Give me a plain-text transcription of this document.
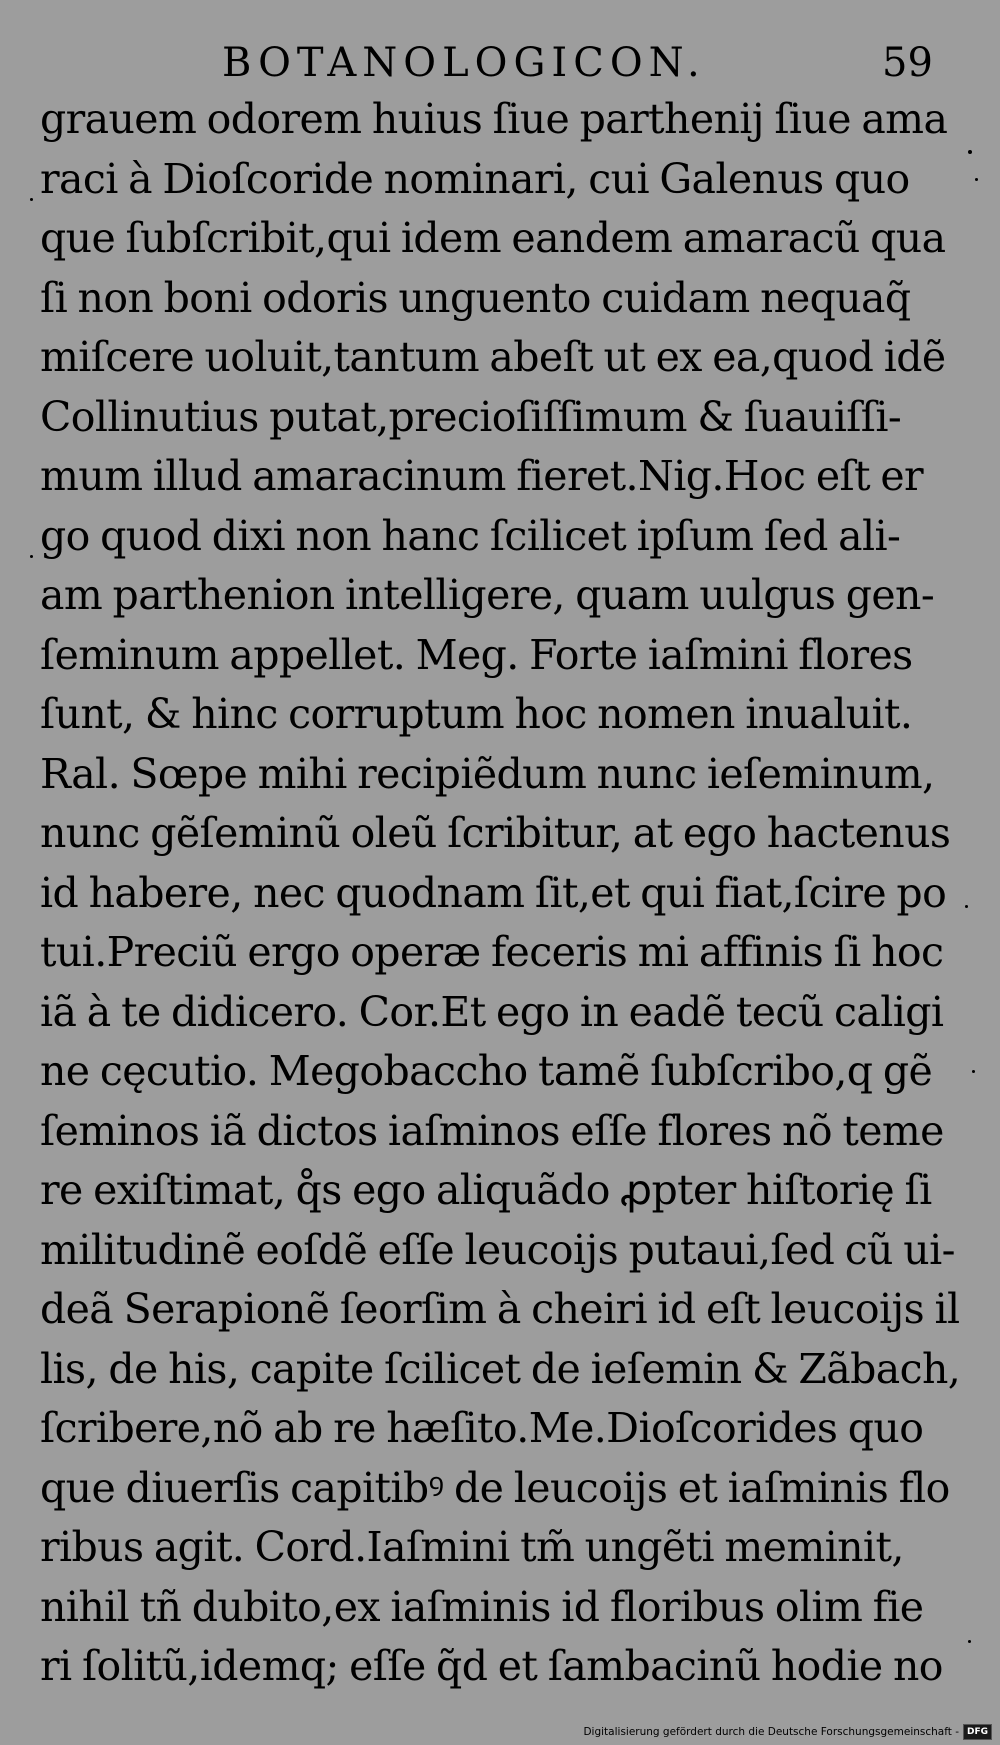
BOTANOLOGICON.	59
grauem odorem huius ſiue parthenij ſiue ama
raci à Dioſcoride nominari, cui Galenus quo
que ſubſcribit,qui idem eandem amaracũ qua
ſi non boni odoris unguento cuidam nequaq̃
miſcere uoluit,tantum abeſt ut ex ea,quod idẽ
Collinutius putat,precioſiſſimum & ſuauiſſi-
mum illud amaracinum fieret.Nig.Hoc eſt er
go quod dixi non hanc ſcilicet ipſum ſed ali-
am parthenion intelligere, quam uulgus gen-
ſeminum appellet. Meg. Forte iaſmini flores
ſunt, & hinc corruptum hoc nomen inualuit.
Ral. Sœpe mihi recipiẽdum nunc ieſeminum,
nunc gẽſeminũ oleũ ſcribitur, at ego hactenus
id habere, nec quodnam ſit,et qui fiat,ſcire po
tui.Preciũ ergo operæ feceris mi affinis ſi hoc
iã à te didicero. Cor.Et ego in eadẽ tecũ caligi
ne cęcutio. Megobaccho tamẽ ſubſcribo,q gẽ
ſeminos iã dictos iaſminos eſſe flores nõ teme
re exiſtimat, q̊s ego aliquãdo ꝓpter hiſtorię ſi
militudinẽ eoſdẽ eſſe leucoijs putaui,ſed cũ ui-
deã Serapionẽ ſeorſim à cheiri id eſt leucoijs il
lis, de his, capite ſcilicet de ieſemin & Zãbach,
ſcribere,nõ ab re hæſito.Me.Dioſcorides quo
que diuerſis capitibꝰ de leucoijs et iaſminis flo
ribus agit. Cord.Iaſmini tm̃ ungẽti meminit,
nihil tñ dubito,ex iaſminis id floribus olim fie
ri ſolitũ,idemq; eſſe q̃d et ſambacinũ hodie no
Digitalisierung gefördert durch die Deutsche Forschungsgemeinschaft - DFG
